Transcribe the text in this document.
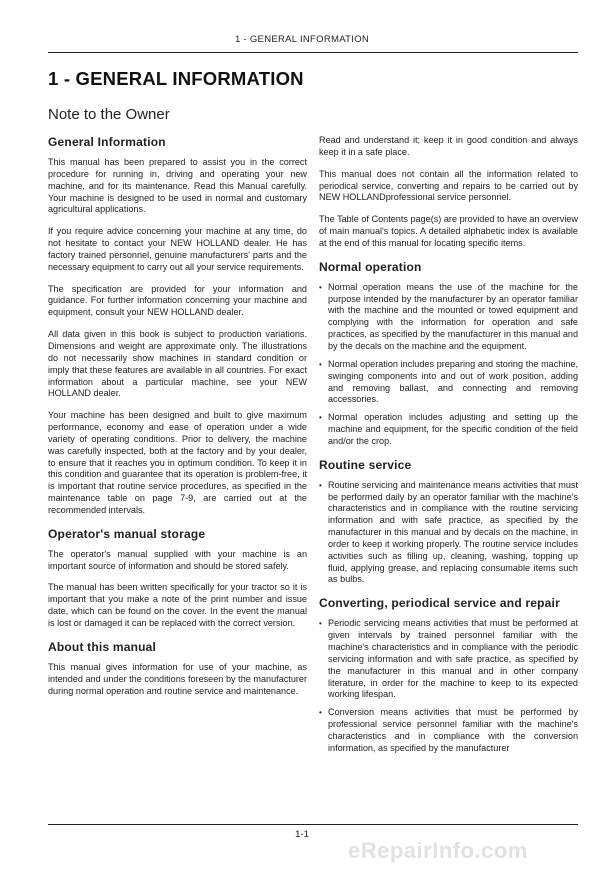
1 - GENERAL INFORMATION
1 - GENERAL INFORMATION
Note to the Owner
General Information

This manual has been prepared to assist you in the correct procedure for running in, driving and operating your new machine, and for its maintenance. Read this Manual carefully. Your machine is designed to be used in normal and customary agricultural applications.

If you require advice concerning your machine at any time, do not hesitate to contact your NEW HOLLAND dealer. He has factory trained personnel, genuine manufacturers' parts and the necessary equipment to carry out all your service requirements.

The specification are provided for your information and guidance. For further information concerning your machine and equipment, consult your NEW HOLLAND dealer.

All data given in this book is subject to production variations. Dimensions and weight are approximate only. The illustrations do not necessarily show machines in standard condition or imply that these features are available in all countries. For exact information about a particular machine, see your NEW HOLLAND dealer.

Your machine has been designed and built to give maximum performance, economy and ease of operation under a wide variety of operating conditions. Prior to delivery, the machine was carefully inspected, both at the factory and by your dealer, to ensure that it reaches you in optimum condition. To keep it in this condition and guarantee that its operation is problem-free, it is important that routine service procedures, as specified in the maintenance table on page 7-9, are carried out at the recommended intervals.

Operator's manual storage

The operator's manual supplied with your machine is an important source of information and should be stored safely.

The manual has been written specifically for your tractor so it is important that you make a note of the print number and issue date, which can be found on the cover. In the event the manual is lost or damaged it can be replaced with the correct version.

About this manual

This manual gives information for use of your machine, as intended and under the conditions foreseen by the manufacturer during normal operation and routine service and maintenance.

Read and understand it; keep it in good condition and always keep it in a safe place.

This manual does not contain all the information related to periodical service, converting and repairs to be carried out by NEW HOLLANDprofessional service personnel.

The Table of Contents page(s) are provided to have an overview of main manual's topics. A detailed alphabetic index is available at the end of this manual for locating specific items.

Normal operation
• Normal operation means the use of the machine for the purpose intended by the manufacturer by an operator familiar with the machine and the mounted or towed equipment and complying with the information for operation and safe practices, as specified by the manufacturer in this manual and by the decals on the machine and the equipment.
• Normal operation includes preparing and storing the machine, swinging components into and out of work position, adding and removing ballast, and connecting and removing accessories.
• Normal operation includes adjusting and setting up the machine and equipment, for the specific condition of the field and/or the crop.
Routine service
• Routine servicing and maintenance means activities that must be performed daily by an operator familiar with the machine's characteristics and in compliance with the routine servicing information and with safe practice, as specified by the manufacturer in this manual and by decals on the machine, in order to keep it working properly. The routine service includes activities such as filling up, cleaning, washing, topping up fluid, applying grease, and replacing consumable items such as bulbs.
Converting, periodical service and repair
• Periodic servicing means activities that must be performed at given intervals by trained personnel familiar with the machine's characteristics and in compliance with the periodic servicing information and with safe practice, as specified by the manufacturer in this manual and in other company literature, in order for the machine to keep to its expected working lifespan.
• Conversion means activities that must be performed by professional service personnel familiar with the machine's characteristics and in compliance with the conversion information, as specified by the manufacturer
1-1
eRepairInfo.com
